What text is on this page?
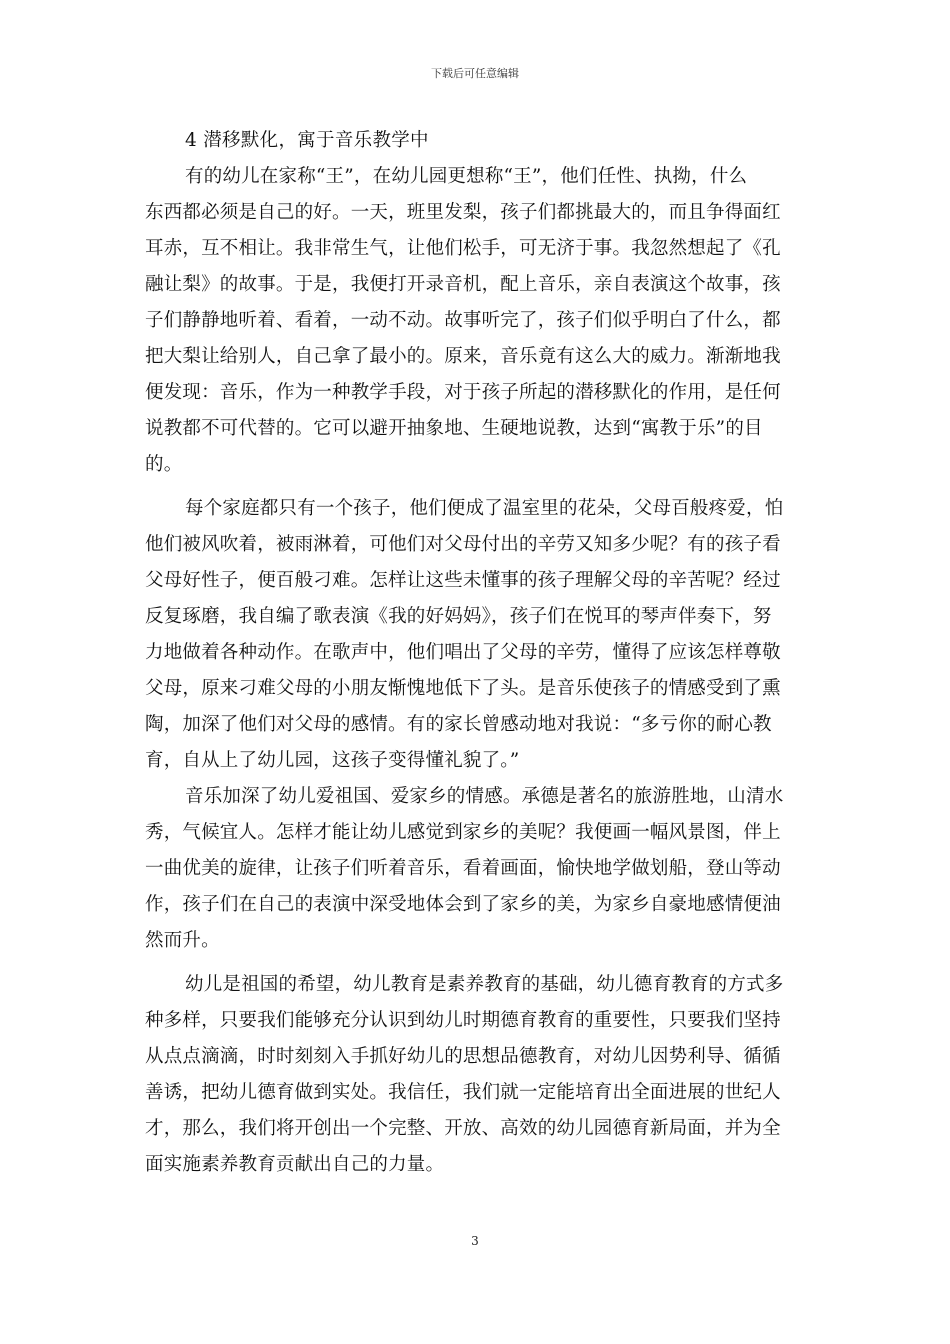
下载后可任意编辑

4 潜移默化，寓于音乐教学中

有的幼儿在家称“王”，在幼儿园更想称“王”，他们任性、执拗，什么
东西都必须是自己的好。一天，班里发梨，孩子们都挑最大的，而且争得面红
耳赤，互不相让。我非常生气，让他们松手，可无济于事。我忽然想起了《孔
融让梨》的故事。于是，我便打开录音机，配上音乐，亲自表演这个故事，孩
子们静静地听着、看着，一动不动。故事听完了，孩子们似乎明白了什么，都
把大梨让给别人，自己拿了最小的。原来，音乐竟有这么大的威力。渐渐地我
便发现：音乐，作为一种教学手段，对于孩子所起的潜移默化的作用，是任何
说教都不可代替的。它可以避开抽象地、生硬地说教，达到“寓教于乐”的目
的。
每个家庭都只有一个孩子，他们便成了温室里的花朵，父母百般疼爱，怕
他们被风吹着，被雨淋着，可他们对父母付出的辛劳又知多少呢？有的孩子看
父母好性子，便百般刁难。怎样让这些未懂事的孩子理解父母的辛苦呢？经过
反复琢磨，我自编了歌表演《我的好妈妈》，孩子们在悦耳的琴声伴奏下，努
力地做着各种动作。在歌声中，他们唱出了父母的辛劳，懂得了应该怎样尊敬
父母，原来刁难父母的小朋友惭愧地低下了头。是音乐使孩子的情感受到了熏
陶，加深了他们对父母的感情。有的家长曾感动地对我说：“多亏你的耐心教
育，自从上了幼儿园，这孩子变得懂礼貌了。”
音乐加深了幼儿爱祖国、爱家乡的情感。承德是著名的旅游胜地，山清水
秀，气候宜人。怎样才能让幼儿感觉到家乡的美呢？我便画一幅风景图，伴上
一曲优美的旋律，让孩子们听着音乐，看着画面，愉快地学做划船，登山等动
作，孩子们在自己的表演中深受地体会到了家乡的美，为家乡自豪地感情便油
然而升。
幼儿是祖国的希望，幼儿教育是素养教育的基础，幼儿德育教育的方式多
种多样，只要我们能够充分认识到幼儿时期德育教育的重要性，只要我们坚持
从点点滴滴，时时刻刻入手抓好幼儿的思想品德教育，对幼儿因势利导、循循
善诱，把幼儿德育做到实处。我信任，我们就一定能培育出全面进展的世纪人
才，那么，我们将开创出一个完整、开放、高效的幼儿园德育新局面，并为全
面实施素养教育贡献出自己的力量。
3
